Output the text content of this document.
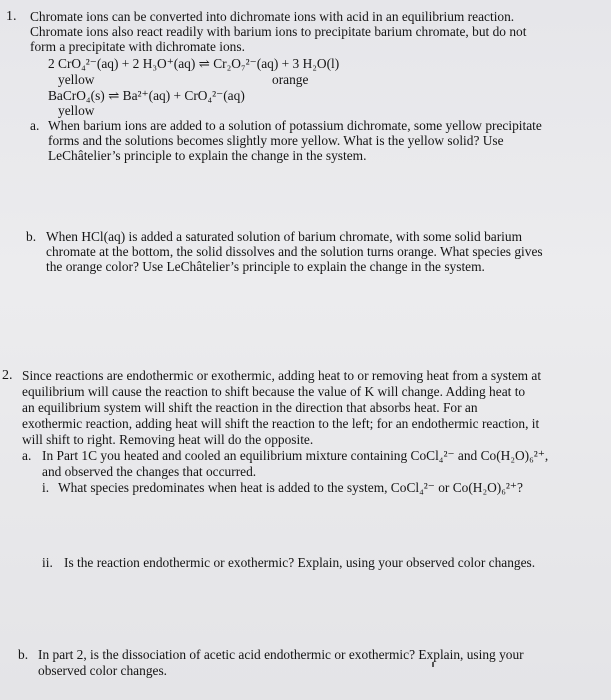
1. Chromate ions can be converted into dichromate ions with acid in an equilibrium reaction.
Chromate ions also react readily with barium ions to precipitate barium chromate, but do not
form a precipitate with dichromate ions.
2 CrO₄²⁻(aq) + 2 H₃O⁺(aq) ⇌ Cr₂O₇²⁻(aq) + 3 H₂O(l)
yellow	orange
BaCrO₄(s) ⇌ Ba²⁺(aq) + CrO₄²⁻(aq)
yellow
a. When barium ions are added to a solution of potassium dichromate, some yellow precipitate
forms and the solutions becomes slightly more yellow. What is the yellow solid? Use
LeChâtelier’s principle to explain the change in the system.
b. When HCl(aq) is added a saturated solution of barium chromate, with some solid barium
chromate at the bottom, the solid dissolves and the solution turns orange. What species gives
the orange color? Use LeChâtelier’s principle to explain the change in the system.
2. Since reactions are endothermic or exothermic, adding heat to or removing heat from a system at
equilibrium will cause the reaction to shift because the value of K will change. Adding heat to
an equilibrium system will shift the reaction in the direction that absorbs heat. For an
exothermic reaction, adding heat will shift the reaction to the left; for an endothermic reaction, it
will shift to right. Removing heat will do the opposite.
a. In Part 1C you heated and cooled an equilibrium mixture containing CoCl₄²⁻ and Co(H₂O)₆²⁺,
and observed the changes that occurred.
i. What species predominates when heat is added to the system, CoCl₄²⁻ or Co(H₂O)₆²⁺?
ii. Is the reaction endothermic or exothermic? Explain, using your observed color changes.
b. In part 2, is the dissociation of acetic acid endothermic or exothermic? Explain, using your
observed color changes.
